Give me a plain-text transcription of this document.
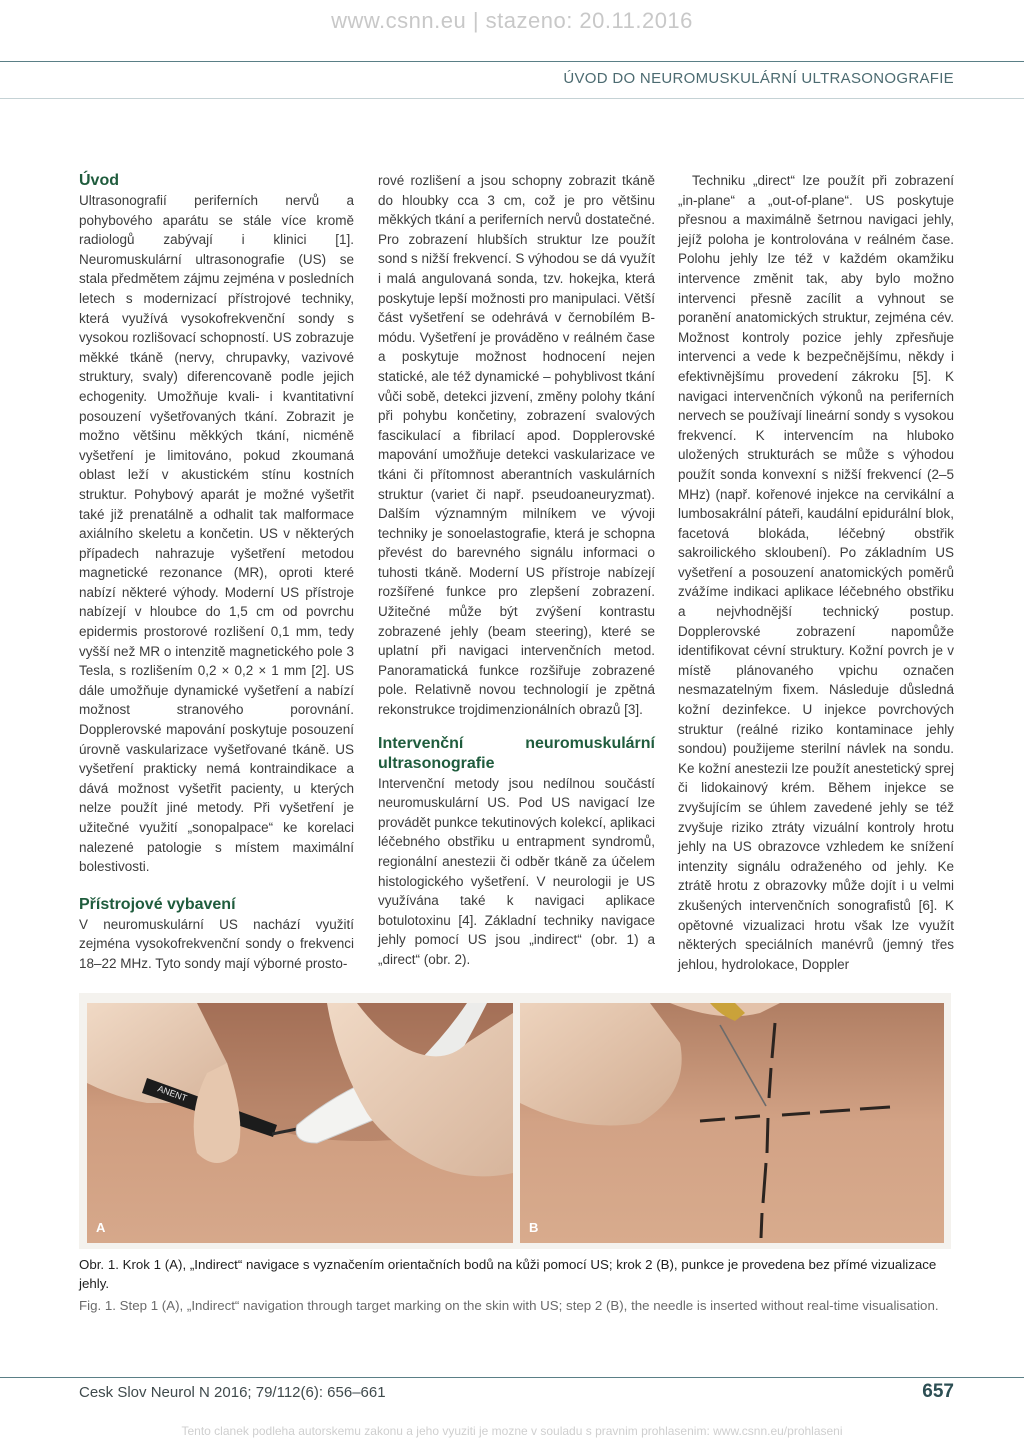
www.csnn.eu | stazeno: 20.11.2016
ÚVOD DO NEUROMUSKULÁRNÍ ULTRASONOGRAFIE
Úvod

Ultrasonografií periferních nervů a pohybového aparátu se stále více kromě radiologů zabývají i klinici [1]. Neuromuskulární ultrasonografie (US) se stala předmětem zájmu zejména v posledních letech s modernizací přístrojové techniky, která využívá vysokofrekvenční sondy s vysokou rozlišovací schopností. US zobrazuje měkké tkáně (nervy, chrupavky, vazivové struktury, svaly) diferencovaně podle jejich echogenity. Umožňuje kvali- i kvantitativní posouzení vyšetřovaných tkání. Zobrazit je možno většinu měkkých tkání, nicméně vyšetření je limitováno, pokud zkoumaná oblast leží v akustickém stínu kostních struktur. Pohybový aparát je možné vyšetřit také již prenatálně a odhalit tak malformace axiálního skeletu a končetin. US v některých případech nahrazuje vyšetření metodou magnetické rezonance (MR), oproti které nabízí některé výhody. Moderní US přístroje nabízejí v hloubce do 1,5 cm od povrchu epidermis prostorové rozlišení 0,1 mm, tedy vyšší než MR o intenzitě magnetického pole 3 Tesla, s rozlišením 0,2 × 0,2 × 1 mm [2]. US dále umožňuje dynamické vyšetření a nabízí možnost stranového porovnání. Dopplerovské mapování poskytuje posouzení úrovně vaskularizace vyšetřované tkáně. US vyšetření prakticky nemá kontraindikace a dává možnost vyšetřit pacienty, u kterých nelze použít jiné metody. Při vyšetření je užitečné využití „sonopalpace“ ke korelaci nalezené patologie s místem maximální bolestivosti.

Přístrojové vybavení

V neuromuskulární US nachází využití zejména vysokofrekvenční sondy o frekvenci 18–22 MHz. Tyto sondy mají výborné prosto-

rové rozlišení a jsou schopny zobrazit tkáně do hloubky cca 3 cm, což je pro většinu měkkých tkání a periferních nervů dostatečné. Pro zobrazení hlubších struktur lze použít sond s nižší frekvencí. S výhodou se dá využít i malá angulovaná sonda, tzv. hokejka, která poskytuje lepší možnosti pro manipulaci. Větší část vyšetření se odehrává v černobílém B-módu. Vyšetření je prováděno v reálném čase a poskytuje možnost hodnocení nejen statické, ale též dynamické – pohyblivost tkání vůči sobě, detekci jizvení, změny polohy tkání při pohybu končetiny, zobrazení svalových fascikulací a fibrilací apod. Dopplerovské mapování umožňuje detekci vaskularizace ve tkáni či přítomnost aberantních vaskulárních struktur (variet či např. pseudoaneuryzmat). Dalším významným milníkem ve vývoji techniky je sonoelastografie, která je schopna převést do barevného signálu informaci o tuhosti tkáně. Moderní US přístroje nabízejí rozšířené funkce pro zlepšení zobrazení. Užitečné může být zvýšení kontrastu zobrazené jehly (beam steering), které se uplatní při navigaci intervenčních metod. Panoramatická funkce rozšiřuje zobrazené pole. Relativně novou technologií je zpětná rekonstrukce trojdimenzionálních obrazů [3].

Intervenční neuromuskulární ultrasonografie

Intervenční metody jsou nedílnou součástí neuromuskulární US. Pod US navigací lze provádět punkce tekutinových kolekcí, aplikaci léčebného obstřiku u entrapment syndromů, regionální anestezii či odběr tkáně za účelem histologického vyšetření. V neurologii je US využívána také k navigaci aplikace botulotoxinu [4]. Základní techniky navigace jehly pomocí US jsou „indirect“ (obr. 1) a „direct“ (obr. 2).

Techniku „direct“ lze použít při zobrazení „in-plane“ a „out-of-plane“. US poskytuje přesnou a maximálně šetrnou navigaci jehly, jejíž poloha je kontrolována v reálném čase. Polohu jehly lze též v každém okamžiku intervence změnit tak, aby bylo možno intervenci přesně zacílit a vyhnout se poranění anatomických struktur, zejména cév. Možnost kontroly pozice jehly zpřesňuje intervenci a vede k bezpečnějšímu, někdy i efektivnějšímu provedení zákroku [5]. K navigaci intervenčních výkonů na periferních nervech se používají lineární sondy s vysokou frekvencí. K intervencím na hluboko uložených strukturách se může s výhodou použít sonda konvexní s nižší frekvencí (2–5 MHz) (např. kořenové injekce na cervikální a lumbosakrální páteři, kaudální epidurální blok, facetová blokáda, léčebný obstřik sakroilického skloubení). Po základním US vyšetření a posouzení anatomických poměrů zvážíme indikaci aplikace léčebného obstřiku a nejvhodnější technický postup. Dopplerovské zobrazení napomůže identifikovat cévní struktury. Kožní povrch je v místě plánovaného vpichu označen nesmazatelným fixem. Následuje důsledná kožní dezinfekce. U injekce povrchových struktur (reálné riziko kontaminace jehly sondou) použijeme sterilní návlek na sondu. Ke kožní anestezii lze použít anestetický sprej či lidokainový krém. Během injekce se zvyšujícím se úhlem zavedené jehly se též zvyšuje riziko ztráty vizuální kontroly hrotu jehly na US obrazovce vzhledem ke snížení intenzity signálu odraženého od jehly. Ke ztrátě hrotu z obrazovky může dojít i u velmi zkušených intervenčních sonografistů [6]. K opětovné vizualizaci hrotu však lze využít některých speciálních manévrů (jemný třes jehlou, hydrolokace, Doppler

ANENT
A	B
Obr. 1. Krok 1 (A), „Indirect“ navigace s vyznačením orientačních bodů na kůži pomocí US; krok 2 (B), punkce je provedena bez přímé vizualizace jehly.
Fig. 1. Step 1 (A), „Indirect“ navigation through target marking on the skin with US; step 2 (B), the needle is inserted without real-time visualisation.
Cesk Slov Neurol N 2016; 79/112(6): 656–661	657
Tento clanek podleha autorskemu zakonu a jeho vyuziti je mozne v souladu s pravnim prohlasenim: www.csnn.eu/prohlaseni
